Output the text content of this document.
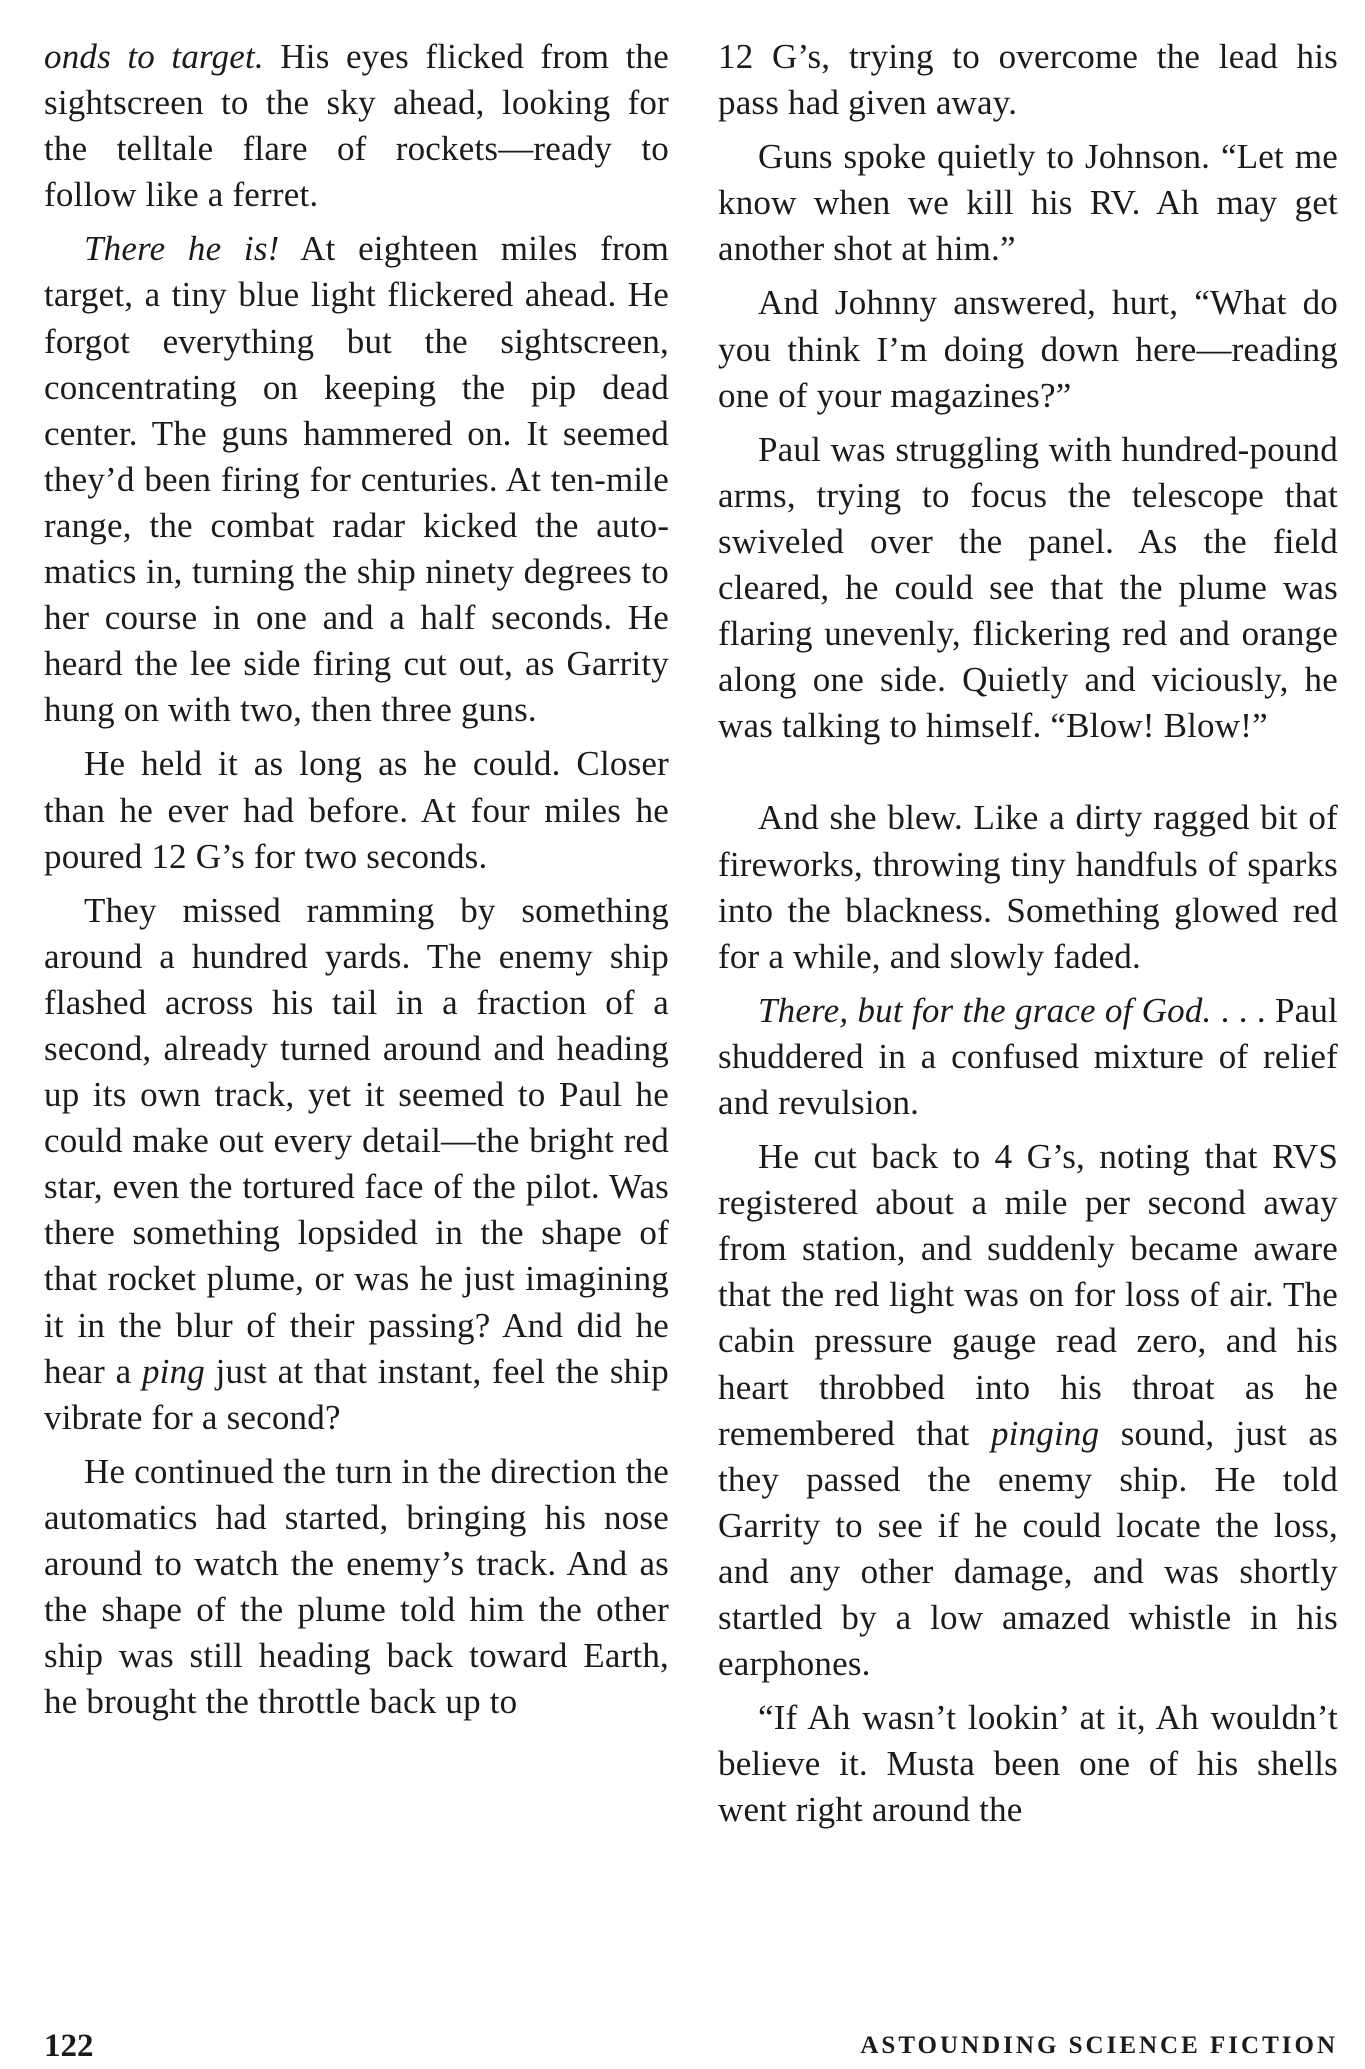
onds to target. His eyes flicked from the sightscreen to the sky ahead, looking for the telltale flare of rockets—ready to follow like a ferret.

There he is! At eighteen miles from target, a tiny blue light flickered ahead. He forgot everything but the sightscreen, concentrating on keeping the pip dead center. The guns hammered on. It seemed they’d been firing for centuries. At ten-mile range, the combat radar kicked the automatics in, turning the ship ninety degrees to her course in one and a half seconds. He heard the lee side firing cut out, as Garrity hung on with two, then three guns.

He held it as long as he could. Closer than he ever had before. At four miles he poured 12 G’s for two seconds.

They missed ramming by something around a hundred yards. The enemy ship flashed across his tail in a fraction of a second, already turned around and heading up its own track, yet it seemed to Paul he could make out every detail—the bright red star, even the tortured face of the pilot. Was there something lopsided in the shape of that rocket plume, or was he just imagining it in the blur of their passing? And did he hear a ping just at that instant, feel the ship vibrate for a second?

He continued the turn in the direction the automatics had started, bringing his nose around to watch the enemy’s track. And as the shape of the plume told him the other ship was still heading back toward Earth, he brought the throttle back up to

12 G’s, trying to overcome the lead his pass had given away.

Guns spoke quietly to Johnson. “Let me know when we kill his RV. Ah may get another shot at him.”

And Johnny answered, hurt, “What do you think I’m doing down here—reading one of your magazines?”

Paul was struggling with hundred-pound arms, trying to focus the telescope that swiveled over the panel. As the field cleared, he could see that the plume was flaring unevenly, flickering red and orange along one side. Quietly and viciously, he was talking to himself. “Blow! Blow!”

And she blew. Like a dirty ragged bit of fireworks, throwing tiny handfuls of sparks into the blackness. Something glowed red for a while, and slowly faded.

There, but for the grace of God. . . . Paul shuddered in a confused mixture of relief and revulsion.

He cut back to 4 G’s, noting that RVS registered about a mile per second away from station, and suddenly became aware that the red light was on for loss of air. The cabin pressure gauge read zero, and his heart throbbed into his throat as he remembered that pinging sound, just as they passed the enemy ship. He told Garrity to see if he could locate the loss, and any other damage, and was shortly startled by a low amazed whistle in his earphones.

“If Ah wasn’t lookin’ at it, Ah wouldn’t believe it. Musta been one of his shells went right around the

122	ASTOUNDING SCIENCE FICTION
